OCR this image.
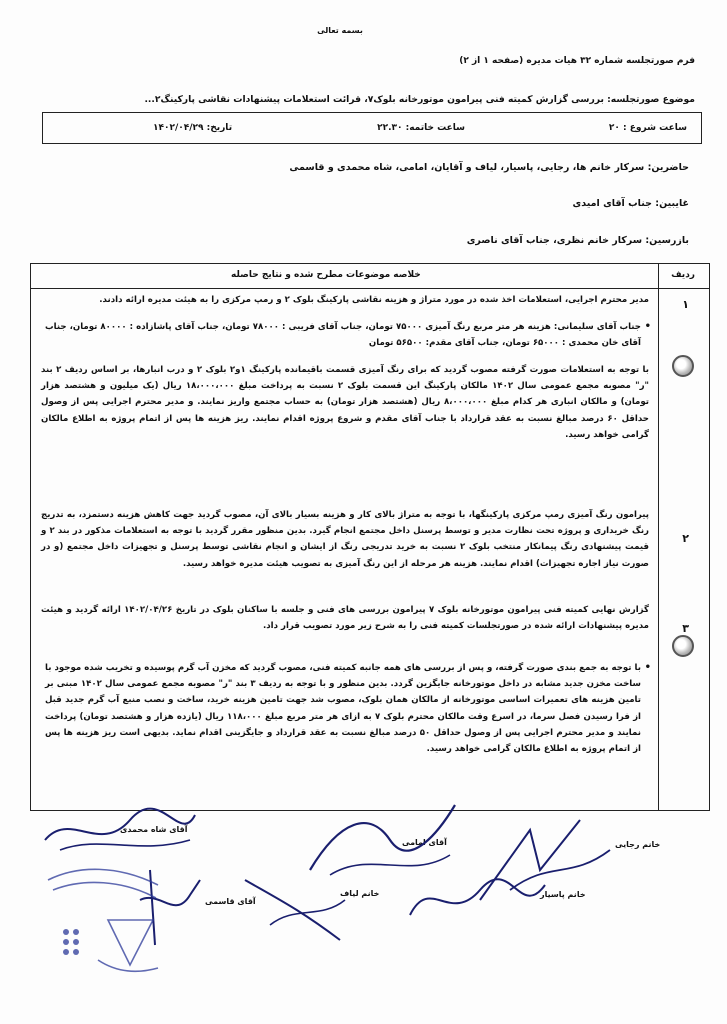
بسمه تعالی
فرم صورتجلسه شماره ۳۲ هیات مدیره (صفحه ۱ از ۲)
موضوع صورتجلسه: بررسی گزارش کمیته فنی پیرامون موتورخانه بلوک۷، قرائت استعلامات پیشنهادات نقاشی پارکینگ۲...
ساعت شروع : ۲۰
ساعت خاتمه: ۲۲.۳۰
تاریخ: ۱۴۰۲/۰۴/۲۹
حاضرین: سرکار خانم ها، رجایی، پاسیار، لیاف و آقایان، امامی، شاه محمدی و قاسمی
غایبین: جناب آقای امیدی
بازرسین: سرکار خانم نظری، جناب آقای ناصری
ردیف
خلاصه موضوعات مطرح شده و نتایج حاصله
۱
مدیر محترم اجرایی، استعلامات اخذ شده در مورد متراژ و هزینه نقاشی پارکینگ بلوک ۲ و رمپ مرکزی را به هیئت مدیره ارائه دادند.
• جناب آقای سلیمانی: هزینه هر متر مربع رنگ آمیزی ۷۵۰۰۰ تومان، جناب آقای فریبی : ۷۸۰۰۰ تومان، جناب آقای پاشازاده : ۸۰۰۰۰ تومان، جناب آقای خان محمدی : ۶۵۰۰۰ تومان، جناب آقای مقدم: ۵۶۵۰۰ تومان
با توجه به استعلامات صورت گرفته مصوب گردید که برای رنگ آمیزی قسمت باقیمانده پارکینگ ۱و۲ بلوک ۲ و درب انبارها، بر اساس ردیف ۲ بند "ر" مصوبه مجمع عمومی سال ۱۴۰۲ مالکان پارکینگ این قسمت بلوک ۲ نسبت به پرداخت مبلغ ۱۸،۰۰۰،۰۰۰ ریال (یک میلیون و هشتصد هزار تومان) و مالکان انباری هر کدام مبلغ ۸،۰۰۰،۰۰۰ ریال (هشتصد هزار تومان) به حساب مجتمع واریز نمایند. و مدیر محترم اجرایی پس از وصول حداقل ۶۰ درصد مبالغ نسبت به عقد قرارداد با جناب آقای مقدم و شروع پروژه اقدام نمایند. ریز هزینه ها پس از اتمام پروژه به اطلاع مالکان گرامی خواهد رسید.
۲
پیرامون رنگ آمیزی رمپ مرکزی پارکینگها، با توجه به متراژ بالای کار و هزینه بسیار بالای آن، مصوب گردید جهت کاهش هزینه دستمزد، به تدریج رنگ خریداری و پروژه تحت نظارت مدیر و توسط پرسنل داخل مجتمع انجام گیرد. بدین منظور مقرر گردید با توجه به استعلامات مذکور در بند ۲ و قیمت پیشنهادی رنگ پیمانکار منتخب بلوک ۲ نسبت به خرید تدریجی رنگ از ایشان و انجام نقاشی توسط پرسنل و تجهیزات داخل مجتمع (و در صورت نیاز اجاره تجهیزات) اقدام نمایند. هزینه هر مرحله از این رنگ آمیزی به تصویب هیئت مدیره خواهد رسید.
۳
گزارش نهایی کمیته فنی پیرامون موتورخانه بلوک ۷ پیرامون بررسی های فنی و جلسه با ساکنان بلوک در تاریخ ۱۴۰۲/۰۴/۲۶ ارائه گردید و هیئت مدیره پیشنهادات ارائه شده در صورتجلسات کمیته فنی را به شرح زیر مورد تصویب قرار داد.
• با توجه به جمع بندی صورت گرفته، و پس از بررسی های همه جانبه کمیته فنی، مصوب گردید که مخزن آب گرم پوسیده و تخریب شده موجود با ساخت مخزن جدید مشابه در داخل موتورخانه جایگزین گردد. بدین منظور و با توجه به ردیف ۳ بند "ر" مصوبه مجمع عمومی سال ۱۴۰۲ مبنی بر تامین هزینه های تعمیرات اساسی موتورخانه از مالکان همان بلوک، مصوب شد جهت تامین هزینه خرید، ساخت و نصب منبع آب گرم جدید قبل از فرا رسیدن فصل سرما، در اسرع وقت مالکان محترم بلوک ۷ به ازای هر متر مربع مبلغ ۱۱۸،۰۰۰ ریال (یازده هزار و هشتصد تومان) پرداخت نمایند و مدیر محترم اجرایی پس از وصول حداقل ۵۰ درصد مبالغ نسبت به عقد قرارداد و جایگزینی اقدام نماید. بدیهی است ریز هزینه ها پس از اتمام پروژه به اطلاع مالکان گرامی خواهد رسید.
آقای شاه محمدی
آقای امامی	خانم رجایی
آقای قاسمی
خانم لیاف	خانم پاسیار
